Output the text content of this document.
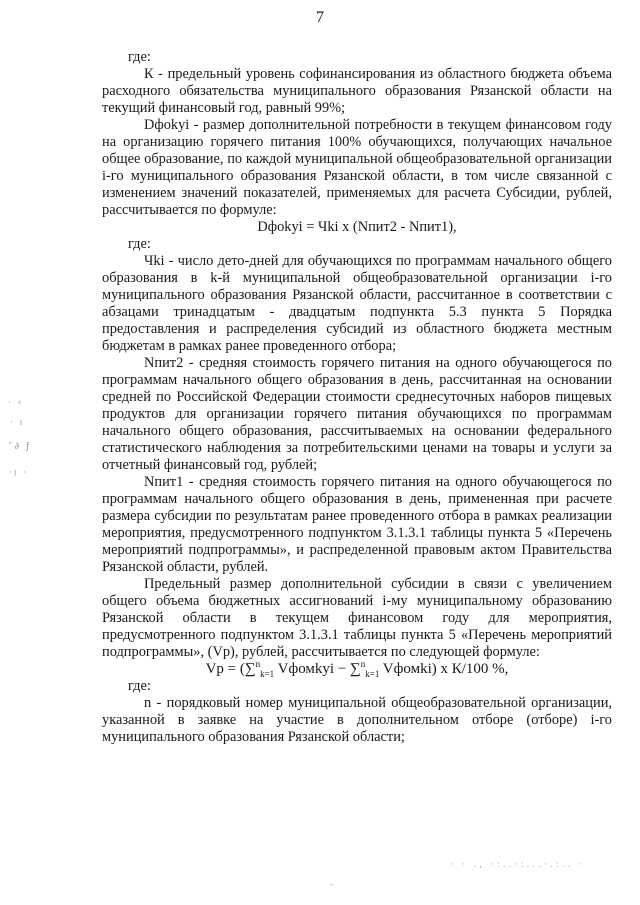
7
· ‹
· ı
ˇ∂ ƒ
·ı̣ ·

где:

К - предельный уровень софинансирования из областного бюджета объема расходного обязательства муниципального образования Рязанской области на текущий финансовый год, равный 99%;

Dфokyi - размер дополнительной потребности в текущем финансовом году на организацию горячего питания 100% обучающихся, получающих начальное общее образование, по каждой муниципальной общеобразовательной организации i-го муниципального образования Рязанской области, в том числе связанной с изменением значений показателей, применяемых для расчета Субсидии, рублей, рассчитывается по формуле:

Dфokyi = Чki x (Nпит2 - Nпит1),

где:

Чki - число дето-дней для обучающихся по программам начального общего образования в k-й муниципальной общеобразовательной организации i-го муниципального образования Рязанской области, рассчитанное в соответствии с абзацами тринадцатым - двадцатым подпункта 5.3 пункта 5 Порядка предоставления и распределения субсидий из областного бюджета местным бюджетам в рамках ранее проведенного отбора;

Nпит2 - средняя стоимость горячего питания на одного обучающегося по программам начального общего образования в день, рассчитанная на основании средней по Российской Федерации стоимости среднесуточных наборов пищевых продуктов для организации горячего питания обучающихся по программам начального общего образования, рассчитываемых на основании федерального статистического наблюдения за потребительскими ценами на товары и услуги за отчетный финансовый год, рублей;

Nпит1 - средняя стоимость горячего питания на одного обучающегося по программам начального общего образования в день, примененная при расчете размера субсидии по результатам ранее проведенного отбора в рамках реализации мероприятия, предусмотренного подпунктом 3.1.3.1 таблицы пункта 5 «Перечень мероприятий подпрограммы», и распределенной правовым актом Правительства Рязанской области, рублей.

Предельный размер дополнительной субсидии в связи с увеличением общего объема бюджетных ассигнований i-му муниципальному образованию Рязанской области в текущем финансовом году для мероприятия, предусмотренного подпунктом 3.1.3.1 таблицы пункта 5 «Перечень мероприятий подпрограммы», (Vp), рублей, рассчитывается по следующей формуле:

Vp = (∑$^n_{k=1}$ Vфомkyi − ∑$^n_{k=1}$ Vфомki) x К/100 %,

где:

n - порядковый номер муниципальной общеобразовательной организации, указанной в заявке на участие в дополнительном отборе (отборе) i-го муниципального образования Рязанской области;

· · ., ·:..·:...·.:.. ·
-
